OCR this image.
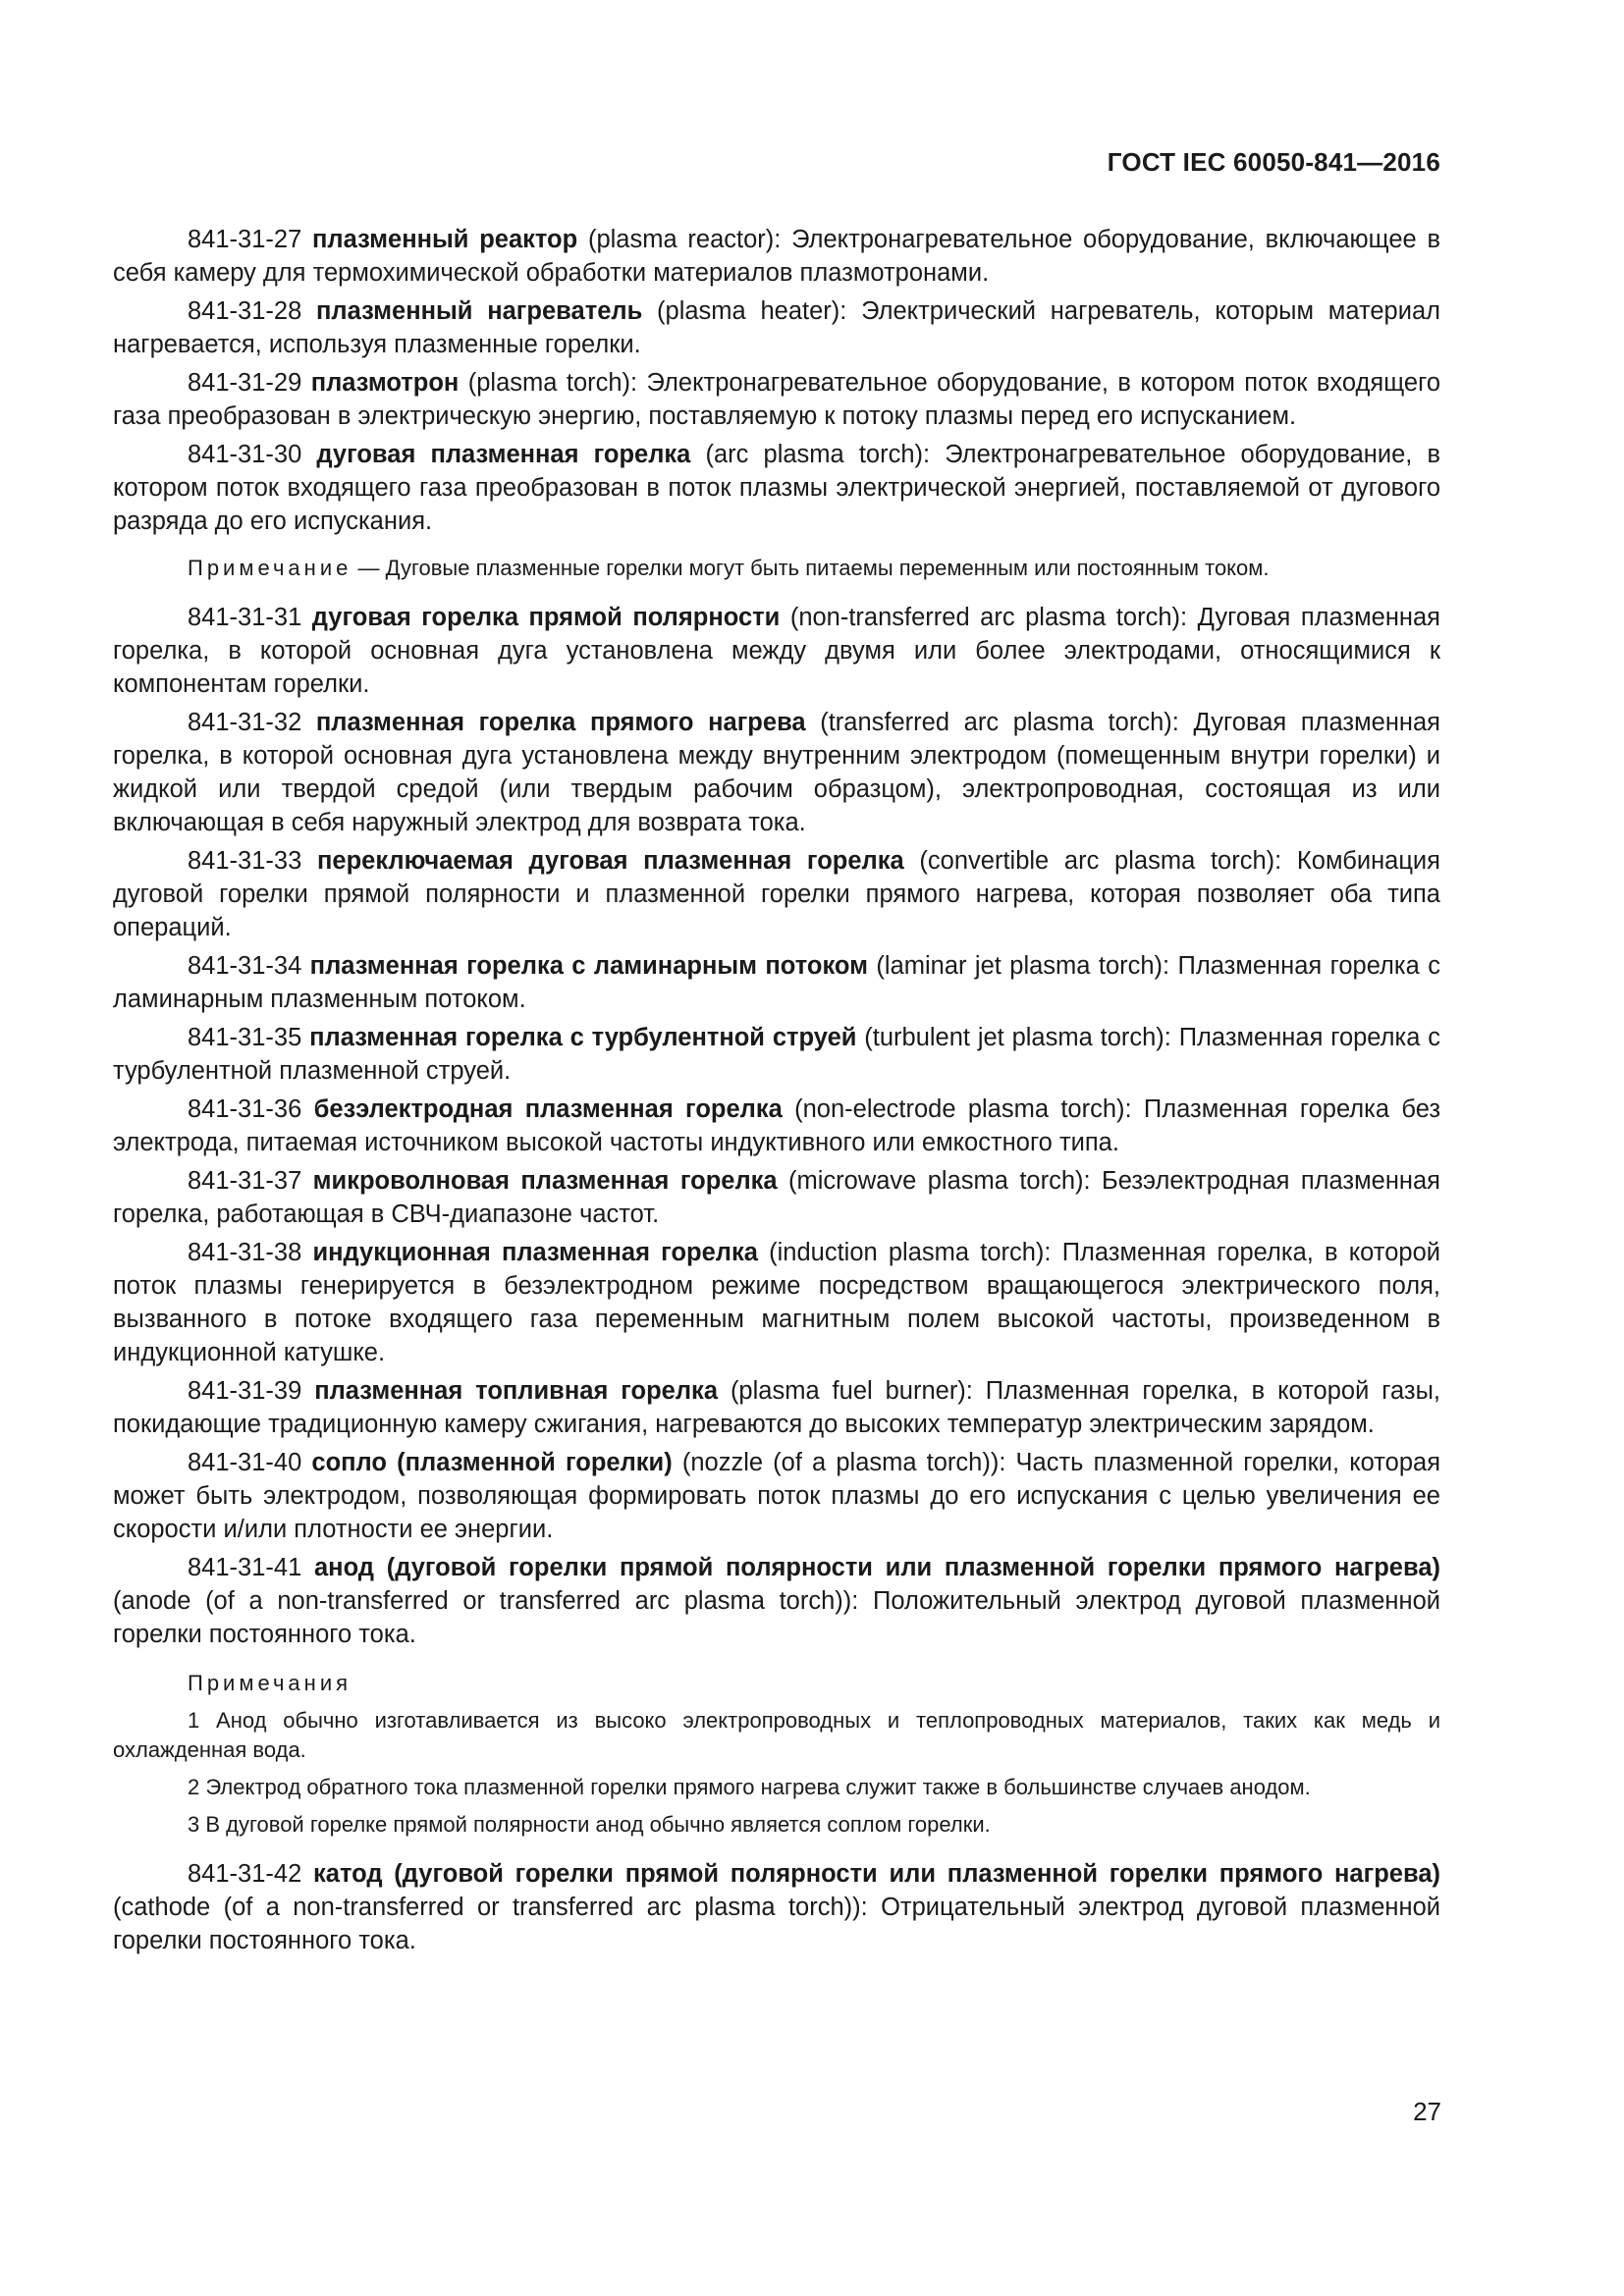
ГОСТ IEC 60050-841—2016

841-31-27 плазменный реактор (plasma reactor): Электронагревательное оборудование, включающее в себя камеру для термохимической обработки материалов плазмотронами.

841-31-28 плазменный нагреватель (plasma heater): Электрический нагреватель, которым материал нагревается, используя плазменные горелки.

841-31-29 плазмотрон (plasma torch): Электронагревательное оборудование, в котором поток входящего газа преобразован в электрическую энергию, поставляемую к потоку плазмы перед его испусканием.

841-31-30 дуговая плазменная горелка (arc plasma torch): Электронагревательное оборудование, в котором поток входящего газа преобразован в поток плазмы электрической энергией, поставляемой от дугового разряда до его испускания.

Примечание — Дуговые плазменные горелки могут быть питаемы переменным или постоянным током.

841-31-31 дуговая горелка прямой полярности (non-transferred arc plasma torch): Дуговая плазменная горелка, в которой основная дуга установлена между двумя или более электродами, относящимися к компонентам горелки.

841-31-32 плазменная горелка прямого нагрева (transferred arc plasma torch): Дуговая плазменная горелка, в которой основная дуга установлена между внутренним электродом (помещенным внутри горелки) и жидкой или твердой средой (или твердым рабочим образцом), электропроводная, состоящая из или включающая в себя наружный электрод для возврата тока.

841-31-33 переключаемая дуговая плазменная горелка (convertible arc plasma torch): Комбинация дуговой горелки прямой полярности и плазменной горелки прямого нагрева, которая позволяет оба типа операций.

841-31-34 плазменная горелка с ламинарным потоком (laminar jet plasma torch): Плазменная горелка с ламинарным плазменным потоком.

841-31-35 плазменная горелка с турбулентной струей (turbulent jet plasma torch): Плазменная горелка с турбулентной плазменной струей.

841-31-36 безэлектродная плазменная горелка (non-electrode plasma torch): Плазменная горелка без электрода, питаемая источником высокой частоты индуктивного или емкостного типа.

841-31-37 микроволновая плазменная горелка (microwave plasma torch): Безэлектродная плазменная горелка, работающая в СВЧ-диапазоне частот.

841-31-38 индукционная плазменная горелка (induction plasma torch): Плазменная горелка, в которой поток плазмы генерируется в безэлектродном режиме посредством вращающегося электрического поля, вызванного в потоке входящего газа переменным магнитным полем высокой частоты, произведенном в индукционной катушке.

841-31-39 плазменная топливная горелка (plasma fuel burner): Плазменная горелка, в которой газы, покидающие традиционную камеру сжигания, нагреваются до высоких температур электрическим зарядом.

841-31-40 сопло (плазменной горелки) (nozzle (of a plasma torch)): Часть плазменной горелки, которая может быть электродом, позволяющая формировать поток плазмы до его испускания с целью увеличения ее скорости и/или плотности ее энергии.

841-31-41 анод (дуговой горелки прямой полярности или плазменной горелки прямого нагрева) (anode (of a non-transferred or transferred arc plasma torch)): Положительный электрод дуговой плазменной горелки постоянного тока.

Примечания

1 Анод обычно изготавливается из высоко электропроводных и теплопроводных материалов, таких как медь и охлажденная вода.

2 Электрод обратного тока плазменной горелки прямого нагрева служит также в большинстве случаев анодом.

3 В дуговой горелке прямой полярности анод обычно является соплом горелки.

841-31-42 катод (дуговой горелки прямой полярности или плазменной горелки прямого нагрева) (cathode (of a non-transferred or transferred arc plasma torch)): Отрицательный электрод дуговой плазменной горелки постоянного тока.

27
